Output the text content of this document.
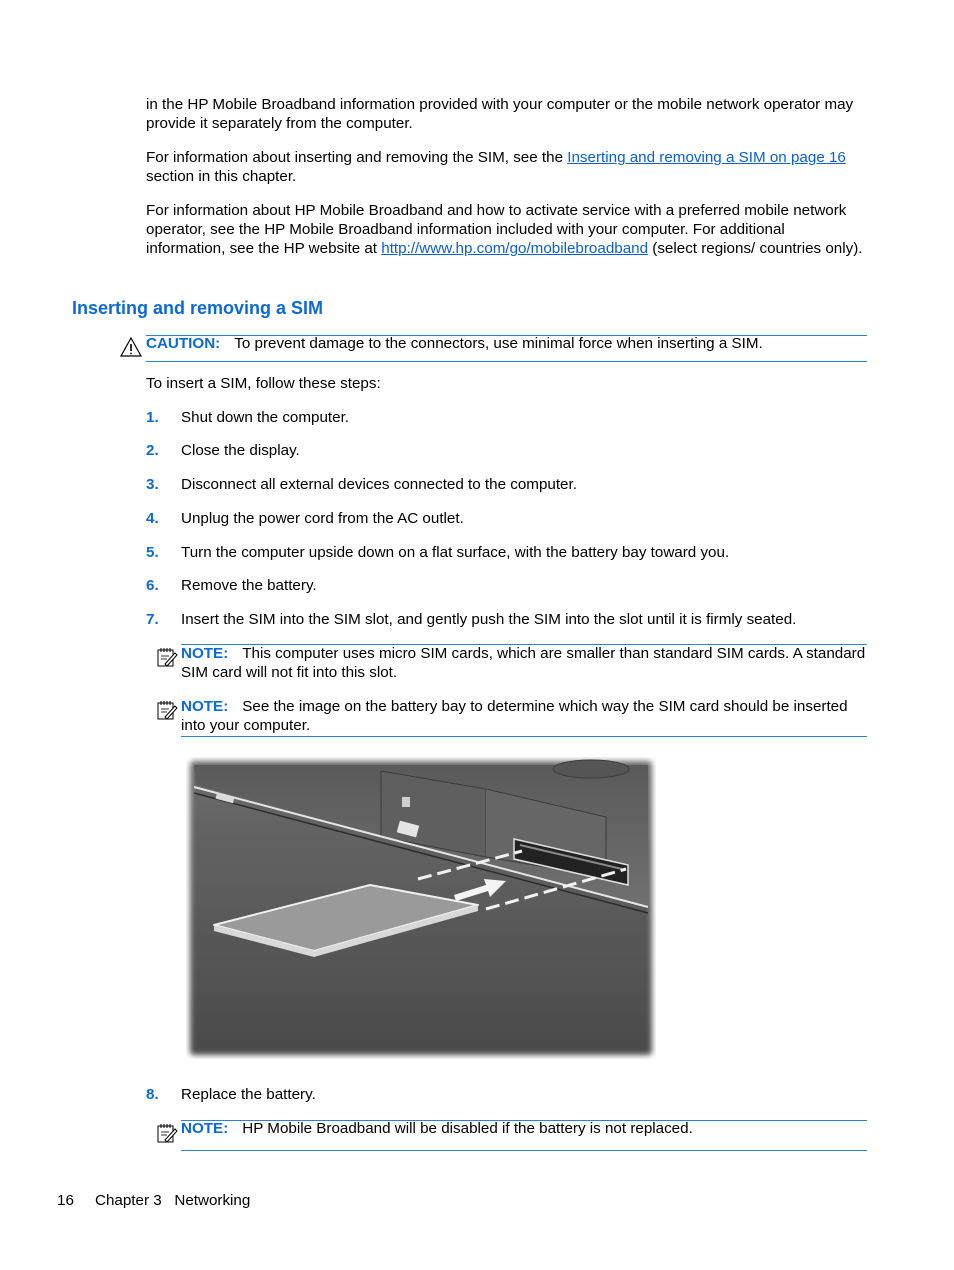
in the HP Mobile Broadband information provided with your computer or the mobile network operator may provide it separately from the computer.

For information about inserting and removing the SIM, see the Inserting and removing a SIM on page 16 section in this chapter.

For information about HP Mobile Broadband and how to activate service with a preferred mobile network operator, see the HP Mobile Broadband information included with your computer. For additional information, see the HP website at http://www.hp.com/go/mobilebroadband (select regions/ countries only).

Inserting and removing a SIM

CAUTION: To prevent damage to the connectors, use minimal force when inserting a SIM.

To insert a SIM, follow these steps:

1. Shut down the computer.
2. Close the display.
3. Disconnect all external devices connected to the computer.
4. Unplug the power cord from the AC outlet.
5. Turn the computer upside down on a flat surface, with the battery bay toward you.
6. Remove the battery.
7. Insert the SIM into the SIM slot, and gently push the SIM into the slot until it is firmly seated.

NOTE: This computer uses micro SIM cards, which are smaller than standard SIM cards. A standard SIM card will not fit into this slot.

NOTE: See the image on the battery bay to determine which way the SIM card should be inserted into your computer.

8. Replace the battery.

NOTE: HP Mobile Broadband will be disabled if the battery is not replaced.

16 Chapter 3   Networking
